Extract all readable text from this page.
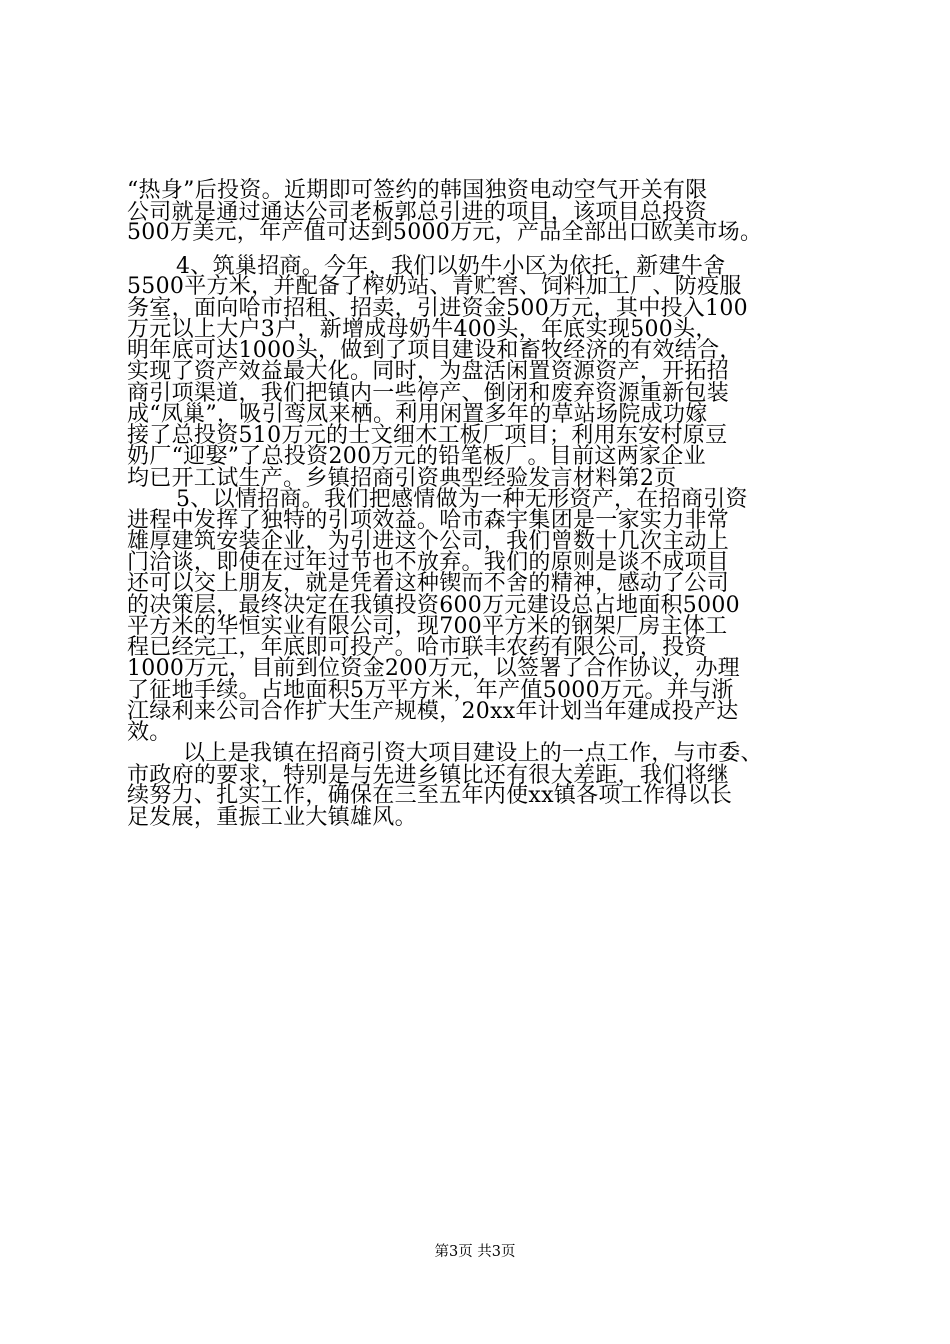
“热身”后投资。近期即可签约的韩国独资电动空气开关有限
公司就是通过通达公司老板郭总引进的项目，该项目总投资
500万美元，年产值可达到5000万元，产品全部出口欧美市场。
4、筑巢招商。今年，我们以奶牛小区为依托，新建牛舍
5500平方米，并配备了榨奶站、青贮窖、饲料加工厂、防疫服
务室，面向哈市招租、招卖，引进资金500万元，其中投入100
万元以上大户3户，新增成母奶牛400头，年底实现500头，
明年底可达1000头，做到了项目建设和畜牧经济的有效结合，
实现了资产效益最大化。同时，为盘活闲置资源资产，开拓招
商引项渠道，我们把镇内一些停产、倒闭和废弃资源重新包装
成“凤巢”，吸引鸾凤来栖。利用闲置多年的草站场院成功嫁
接了总投资510万元的士文细木工板厂项目；利用东安村原豆
奶厂“迎娶”了总投资200万元的铅笔板厂。目前这两家企业
均已开工试生产。乡镇招商引资典型经验发言材料第2页
5、以情招商。我们把感情做为一种无形资产，在招商引资
进程中发挥了独特的引项效益。哈市森宇集团是一家实力非常
雄厚建筑安装企业，为引进这个公司，我们曾数十几次主动上
门洽谈，即使在过年过节也不放弃。我们的原则是谈不成项目
还可以交上朋友，就是凭着这种锲而不舍的精神，感动了公司
的决策层，最终决定在我镇投资600万元建设总占地面积5000
平方米的华恒实业有限公司，现700平方米的钢架厂房主体工
程已经完工，年底即可投产。哈市联丰农药有限公司，投资
1000万元，目前到位资金200万元，以签署了合作协议，办理
了征地手续。占地面积5万平方米，年产值5000万元。并与浙
江绿利来公司合作扩大生产规模，20xx年计划当年建成投产达
效。
以上是我镇在招商引资大项目建设上的一点工作，与市委、
市政府的要求，特别是与先进乡镇比还有很大差距，我们将继
续努力、扎实工作，确保在三至五年内使xx镇各项工作得以长
足发展，重振工业大镇雄风。
第3页 共3页
